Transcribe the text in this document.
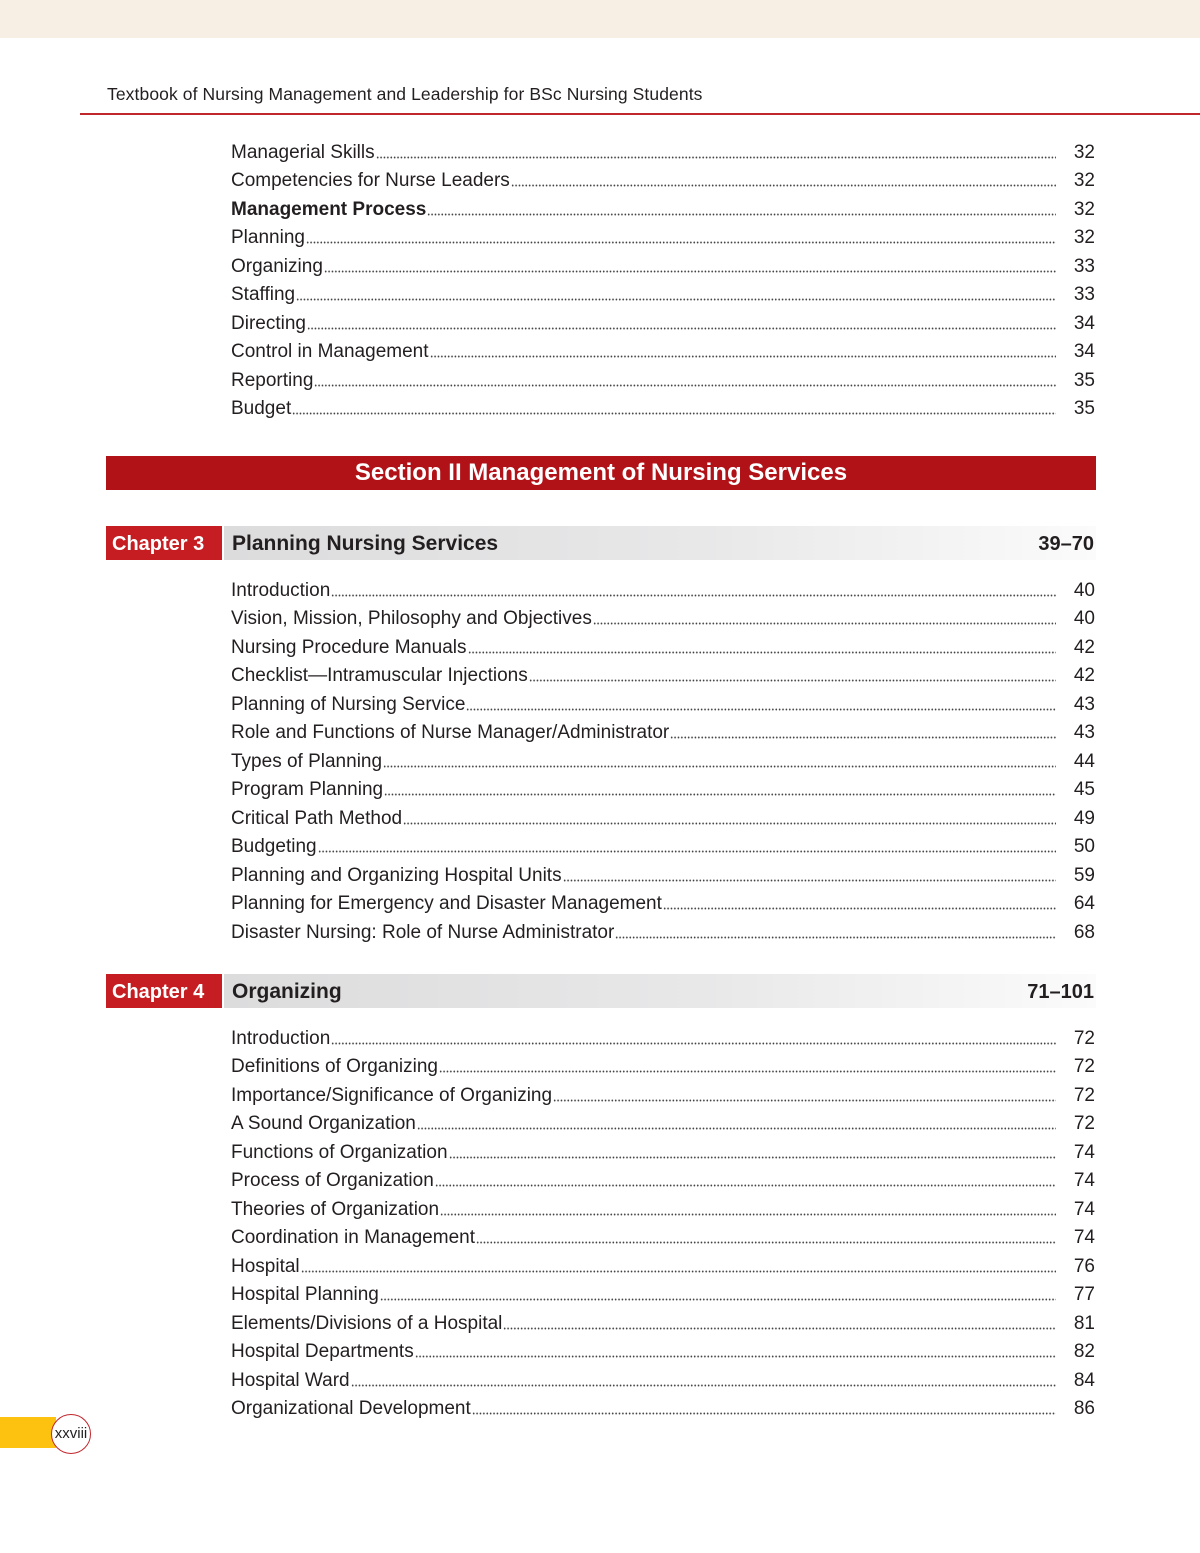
Textbook of Nursing Management and Leadership for BSc Nursing Students
Managerial Skills	32
Competencies for Nurse Leaders	32
Management Process	32
Planning	32
Organizing	33
Staffing	33
Directing	34
Control in Management	34
Reporting	35
Budget	35
Section II Management of Nursing Services
Chapter 3	Planning Nursing Services	39–70
Introduction	40
Vision, Mission, Philosophy and Objectives	40
Nursing Procedure Manuals	42
Checklist—Intramuscular Injections	42
Planning of Nursing Service	43
Role and Functions of Nurse Manager/Administrator	43
Types of Planning	44
Program Planning	45
Critical Path Method	49
Budgeting	50
Planning and Organizing Hospital Units	59
Planning for Emergency and Disaster Management	64
Disaster Nursing: Role of Nurse Administrator	68
Chapter 4	Organizing	71–101
Introduction	72
Definitions of Organizing	72
Importance/Significance of Organizing	72
A Sound Organization	72
Functions of Organization	74
Process of Organization	74
Theories of Organization	74
Coordination in Management	74
Hospital	76
Hospital Planning	77
Elements/Divisions of a Hospital	81
Hospital Departments	82
Hospital Ward	84
Organizational Development	86
xxviii
